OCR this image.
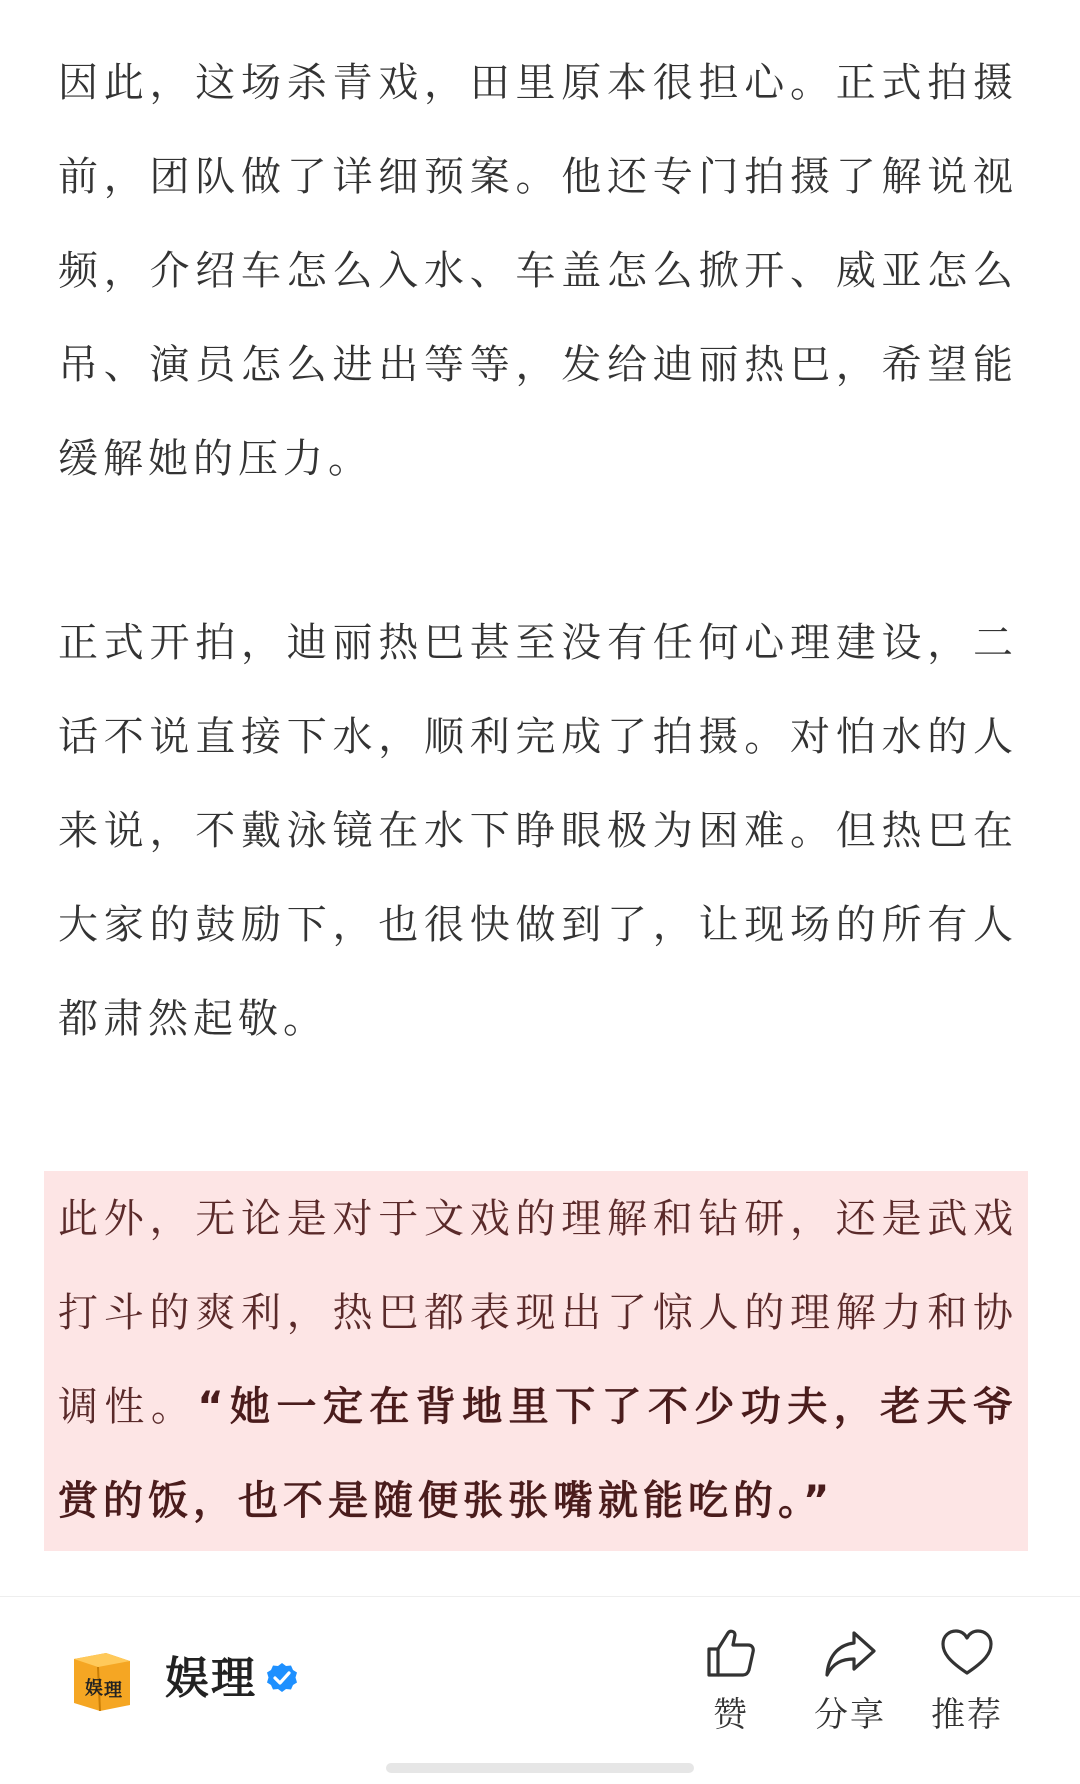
因此，这场杀青戏，田里原本很担心。正式拍摄前，团队做了详细预案。他还专门拍摄了解说视频，介绍车怎么入水、车盖怎么掀开、威亚怎么吊、演员怎么进出等等，发给迪丽热巴，希望能缓解她的压力。
正式开拍，迪丽热巴甚至没有任何心理建设，二话不说直接下水，顺利完成了拍摄。对怕水的人来说，不戴泳镜在水下睁眼极为困难。但热巴在大家的鼓励下，也很快做到了，让现场的所有人都肃然起敬。
此外，无论是对于文戏的理解和钻研，还是武戏打斗的爽利，热巴都表现出了惊人的理解力和协调性。“她一定在背地里下了不少功夫，老天爷赏的饭，也不是随便张张嘴就能吃的。”
娱 理 娱理
赞	分享	推荐
